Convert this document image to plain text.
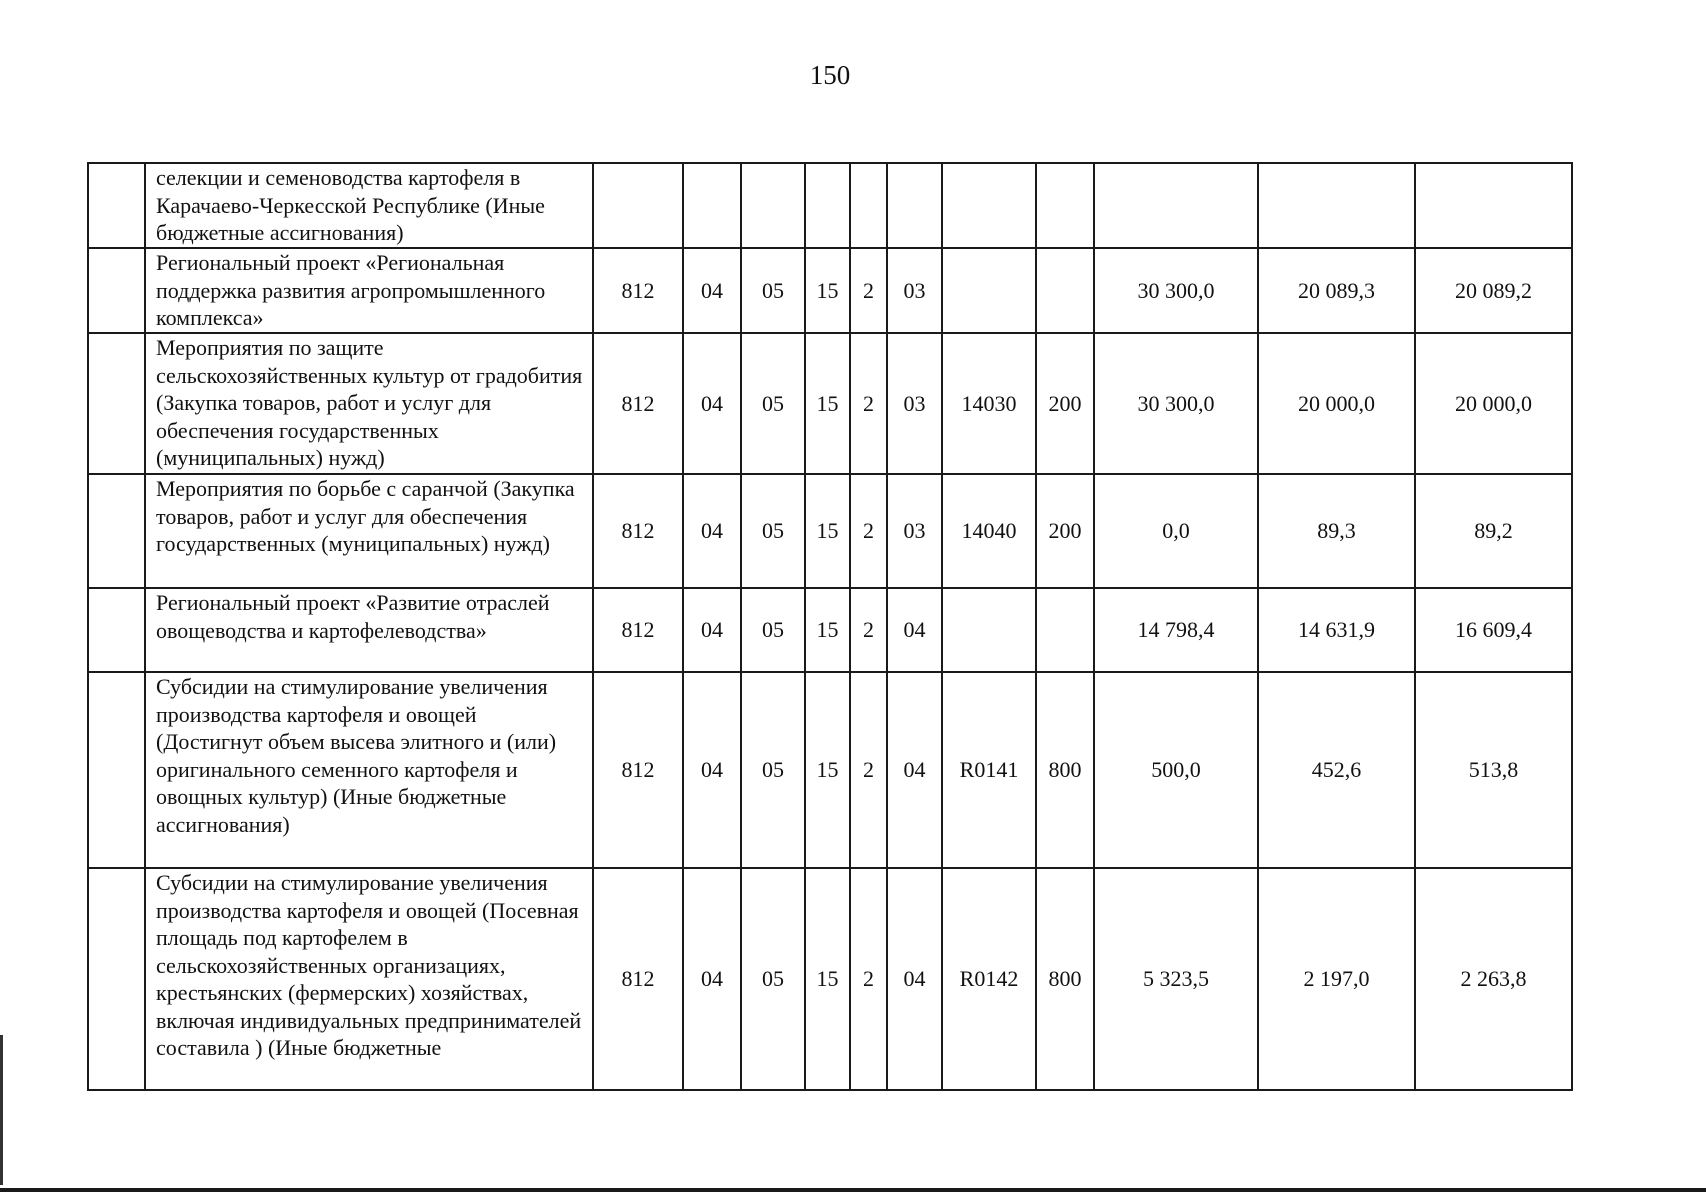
150
	селекции и семеноводства картофеля в Карачаево-Черкесской Республике (Иные бюджетные ассигнования)											
	Региональный проект «Региональная поддержка развития агропромышленного комплекса»	812	04	05	15	2	03			30 300,0	20 089,3	20 089,2
	Мероприятия по защите сельскохозяйственных культур от градобития (Закупка товаров, работ и услуг для обеспечения государственных (муниципальных) нужд)	812	04	05	15	2	03	14030	200	30 300,0	20 000,0	20 000,0
	Мероприятия по борьбе с саранчой (Закупка товаров, работ и услуг для обеспечения государственных (муниципальных) нужд)	812	04	05	15	2	03	14040	200	0,0	89,3	89,2
	Региональный проект «Развитие отраслей овощеводства и картофелеводства»	812	04	05	15	2	04			14 798,4	14 631,9	16 609,4
	Субсидии на стимулирование увеличения производства картофеля и овощей (Достигнут объем высева элитного и (или) оригинального семенного картофеля и овощных культур) (Иные бюджетные ассигнования)	812	04	05	15	2	04	R0141	800	500,0	452,6	513,8
	Субсидии на стимулирование увеличения производства картофеля и овощей (Посевная площадь под картофелем в сельскохозяйственных организациях, крестьянских (фермерских) хозяйствах, включая индивидуальных предпринимателей составила ) (Иные бюджетные	812	04	05	15	2	04	R0142	800	5 323,5	2 197,0	2 263,8
